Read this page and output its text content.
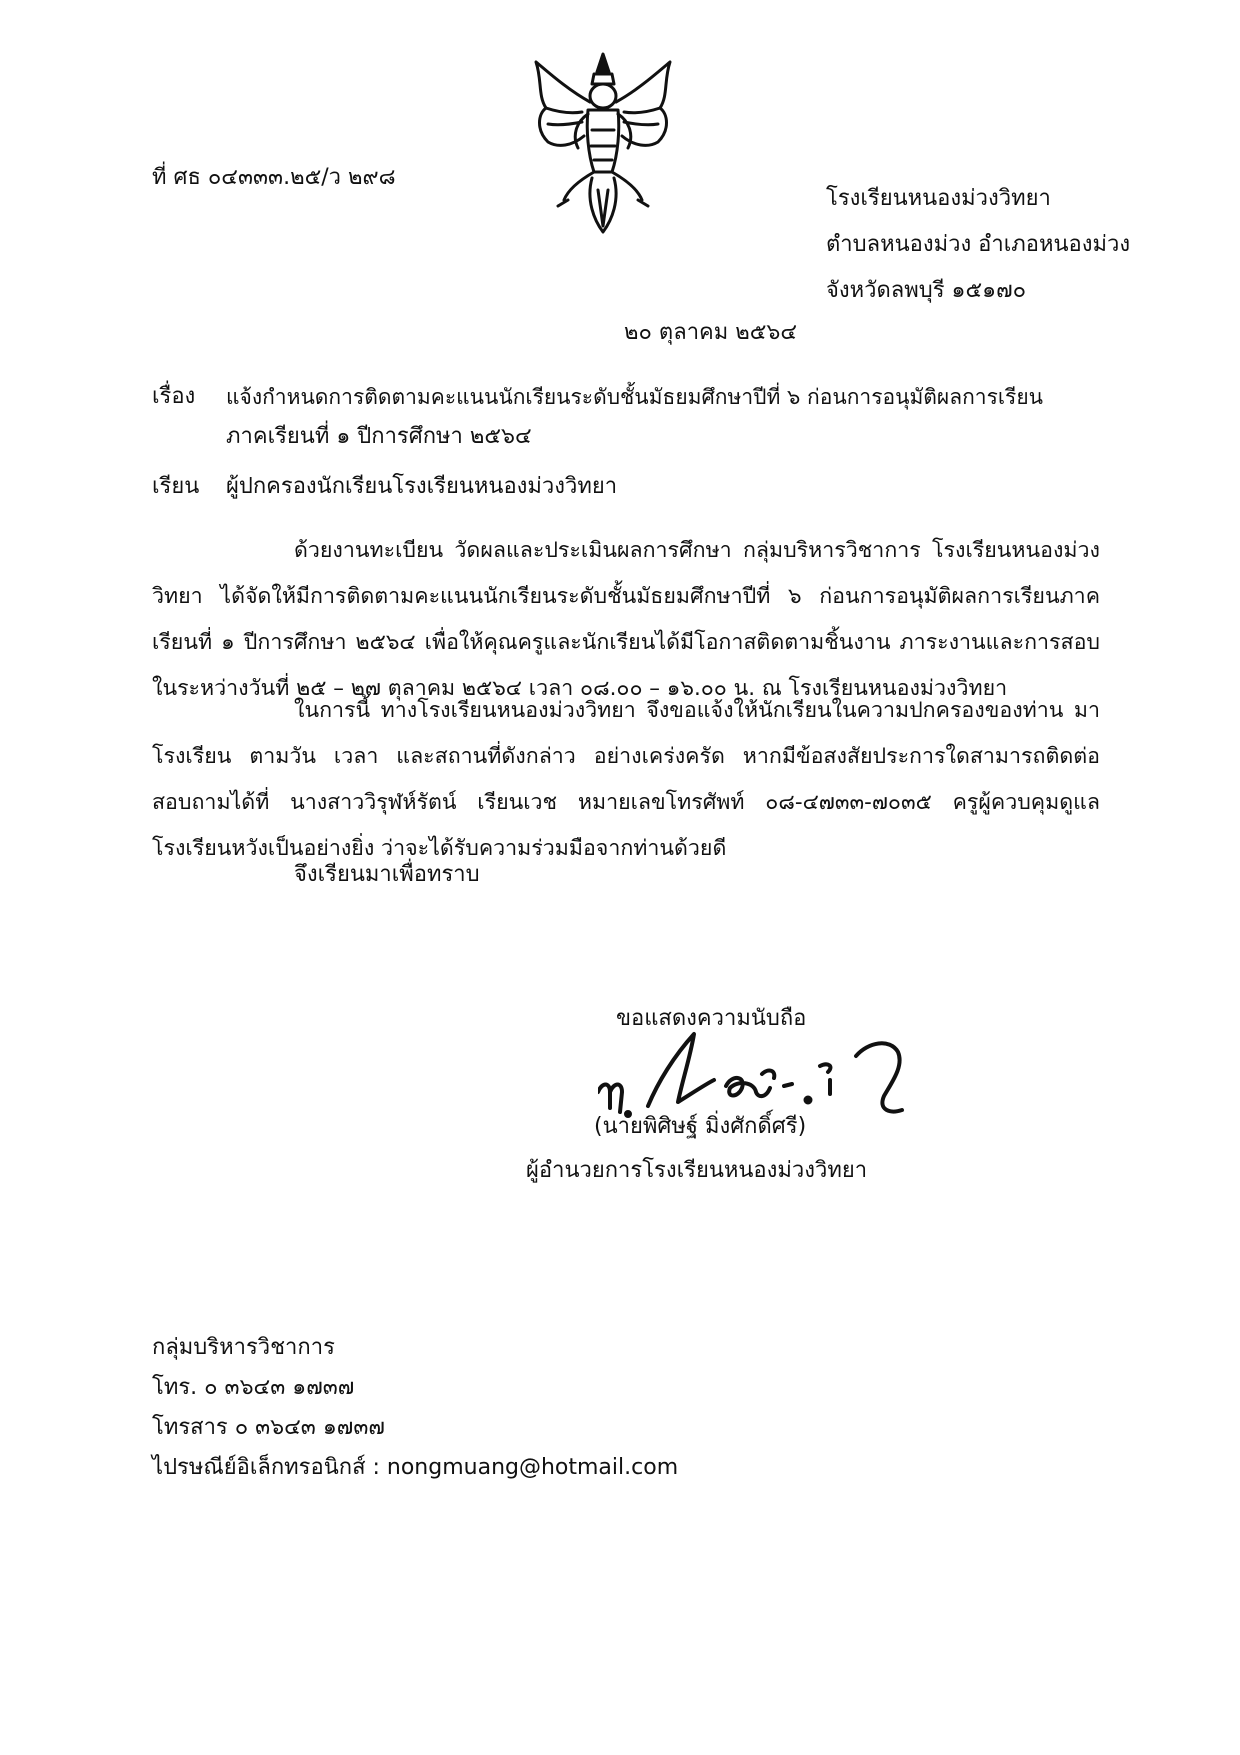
ที่ ศธ ๐๔๓๓๓.๒๕/ว ๒๙๘
โรงเรียนหนองม่วงวิทยา
ตำบลหนองม่วง อำเภอหนองม่วง
จังหวัดลพบุรี ๑๕๑๗๐
๒๐ ตุลาคม ๒๕๖๔
เรื่อง แจ้งกำหนดการติดตามคะแนนนักเรียนระดับชั้นมัธยมศึกษาปีที่ ๖ ก่อนการอนุมัติผลการเรียน
ภาคเรียนที่ ๑ ปีการศึกษา ๒๕๖๔
เรียน ผู้ปกครองนักเรียนโรงเรียนหนองม่วงวิทยา
ด้วยงานทะเบียน วัดผลและประเมินผลการศึกษา กลุ่มบริหารวิชาการ โรงเรียนหนองม่วงวิทยา ได้จัดให้มีการติดตามคะแนนนักเรียนระดับชั้นมัธยมศึกษาปีที่ ๖ ก่อนการอนุมัติผลการเรียนภาคเรียนที่ ๑ ปีการศึกษา ๒๕๖๔ เพื่อให้คุณครูและนักเรียนได้มีโอกาสติดตามชิ้นงาน ภาระงานและการสอบ ในระหว่างวันที่ ๒๕ – ๒๗ ตุลาคม ๒๕๖๔ เวลา ๐๘.๐๐ – ๑๖.๐๐ น. ณ โรงเรียนหนองม่วงวิทยา
ในการนี้ ทางโรงเรียนหนองม่วงวิทยา จึงขอแจ้งให้นักเรียนในความปกครองของท่าน มาโรงเรียน ตามวัน เวลา และสถานที่ดังกล่าว อย่างเคร่งครัด หากมีข้อสงสัยประการใดสามารถติดต่อสอบถามได้ที่ นางสาววิรุฬห์รัตน์ เรียนเวช หมายเลขโทรศัพท์ ๐๘-๔๗๓๓-๗๐๓๕ ครูผู้ควบคุมดูแล โรงเรียนหวังเป็นอย่างยิ่ง ว่าจะได้รับความร่วมมือจากท่านด้วยดี
จึงเรียนมาเพื่อทราบ
ขอแสดงความนับถือ
(นายพิศิษฐ์ มิ่งศักดิ์ศรี)
ผู้อำนวยการโรงเรียนหนองม่วงวิทยา
กลุ่มบริหารวิชาการ
โทร. ๐ ๓๖๔๓ ๑๗๓๗
โทรสาร ๐ ๓๖๔๓ ๑๗๓๗
ไปรษณีย์อิเล็กทรอนิกส์ : nongmuang@hotmail.com
